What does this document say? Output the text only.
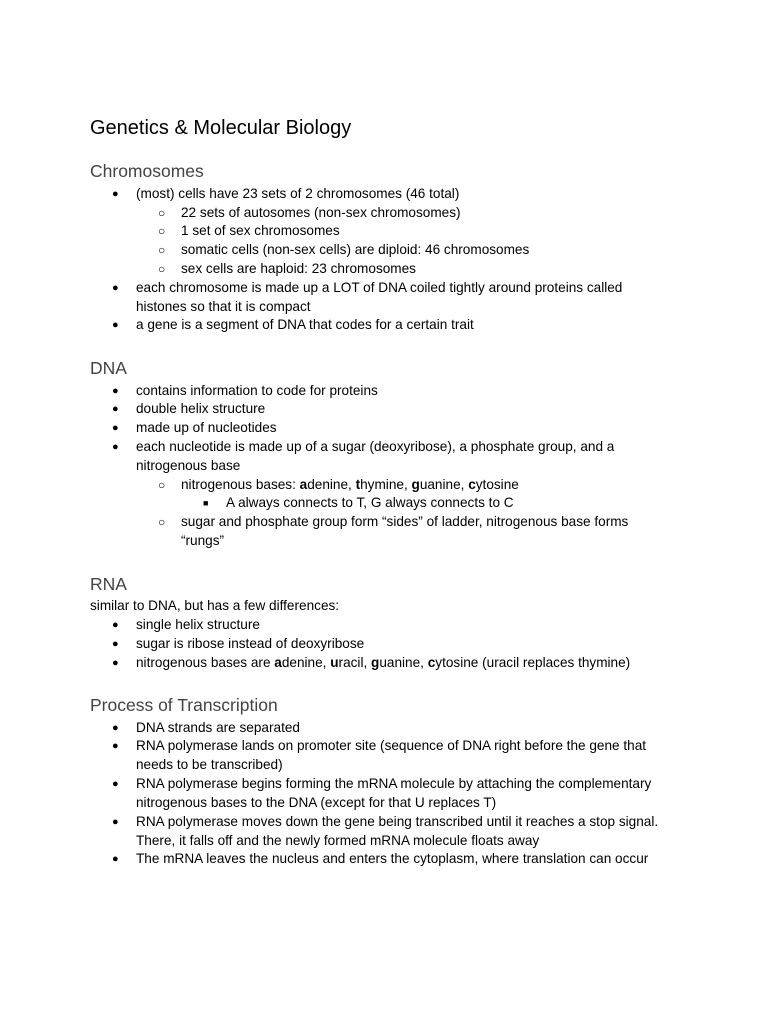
Genetics & Molecular Biology
Chromosomes
● (most) cells have 23 sets of 2 chromosomes (46 total)
○ 22 sets of autosomes (non-sex chromosomes)
○ 1 set of sex chromosomes
○ somatic cells (non-sex cells) are diploid: 46 chromosomes
○ sex cells are haploid: 23 chromosomes
● each chromosome is made up a LOT of DNA coiled tightly around proteins called
histones so that it is compact
● a gene is a segment of DNA that codes for a certain trait
DNA
● contains information to code for proteins
● double helix structure
● made up of nucleotides
● each nucleotide is made up of a sugar (deoxyribose), a phosphate group, and a
nitrogenous base
○ nitrogenous bases: adenine, thymine, guanine, cytosine
■ A always connects to T, G always connects to C
○ sugar and phosphate group form “sides” of ladder, nitrogenous base forms
“rungs”
RNA
similar to DNA, but has a few differences:
● single helix structure
● sugar is ribose instead of deoxyribose
● nitrogenous bases are adenine, uracil, guanine, cytosine (uracil replaces thymine)
Process of Transcription
● DNA strands are separated
● RNA polymerase lands on promoter site (sequence of DNA right before the gene that
needs to be transcribed)
● RNA polymerase begins forming the mRNA molecule by attaching the complementary
nitrogenous bases to the DNA (except for that U replaces T)
● RNA polymerase moves down the gene being transcribed until it reaches a stop signal.
There, it falls off and the newly formed mRNA molecule floats away
● The mRNA leaves the nucleus and enters the cytoplasm, where translation can occur
